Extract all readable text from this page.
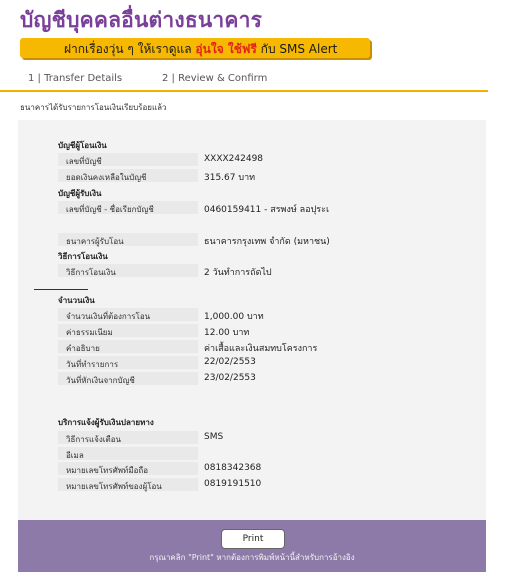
บัญชีบุคคลอื่นต่างธนาคาร
ฝากเรื่องวุ่น ๆ ให้เราดูแล อุ่นใจ ใช้ฟรี กับ SMS Alert
1 | Transfer Details	2 | Review & Confirm
ธนาคารได้รับรายการโอนเงินเรียบร้อยแล้ว
บัญชีผู้โอนเงิน
เลขที่บัญชี	XXXX242498
ยอดเงินคงเหลือในบัญชี	315.67 บาท
บัญชีผู้รับเงิน
เลขที่บัญชี - ชื่อเรียกบัญชี	0460159411 - สรพงษ์ ลอปุระเ
ธนาคารผู้รับโอน	ธนาคารกรุงเทพ จำกัด (มหาชน)
วิธีการโอนเงิน
วิธีการโอนเงิน	2 วันทำการถัดไป
จำนวนเงิน
จำนวนเงินที่ต้องการโอน	1,000.00 บาท
ค่าธรรมเนียม	12.00 บาท
คำอธิบาย	ค่าเสื้อและเงินสมทบโครงการ
วันที่ทำรายการ	22/02/2553
วันที่หักเงินจากบัญชี	23/02/2553
บริการแจ้งผู้รับเงินปลายทาง
วิธีการแจ้งเตือน	SMS
อีเมล
หมายเลขโทรศัพท์มือถือ	0818342368
หมายเลขโทรศัพท์ของผู้โอน	0819191510
Print
กรุณาคลิก "Print" หากต้องการพิมพ์หน้านี้สำหรับการอ้างอิง
